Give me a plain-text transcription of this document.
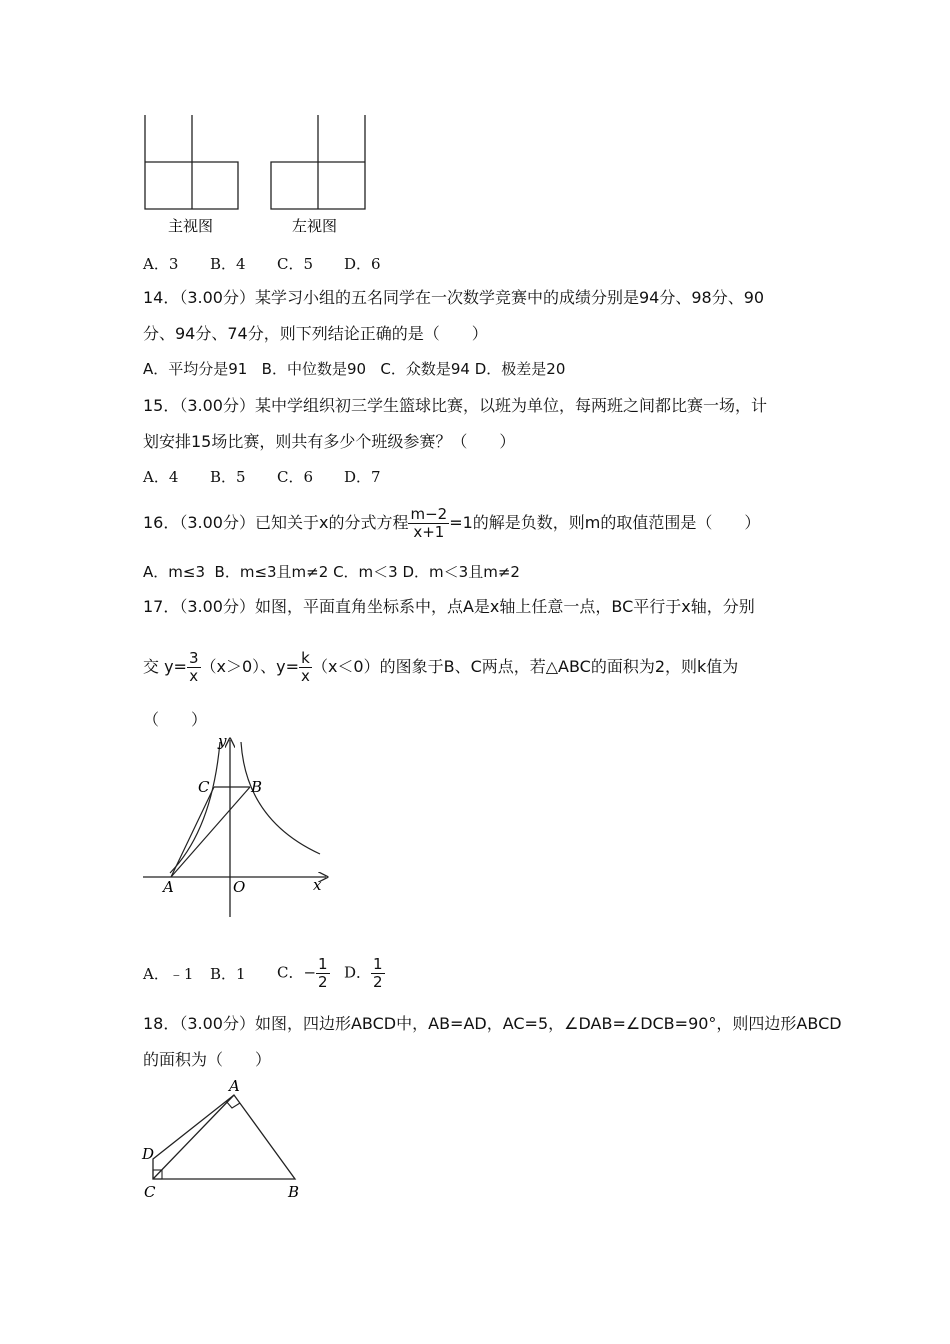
主视图	左视图
A．3 B．4 C．5 D．6
14．（3.00分）某学习小组的五名同学在一次数学竞赛中的成绩分别是94分、98分、90
分、94分、74分，则下列结论正确的是（　　）
A．平均分是91 B．中位数是90 C．众数是94 D．极差是20
15．（3.00分）某中学组织初三学生篮球比赛，以班为单位，每两班之间都比赛一场，计
划安排15场比赛，则共有多少个班级参赛？（　　）
A．4 B．5 C．6 D．7
16．（3.00分）已知关于x的分式方程 $\frac{m-2}{x+1} =1$的解是负数，则m的取值范围是（　　）
A．m≤3 B．m≤3且m≠2 C．m＜3 D．m＜3且m≠2
17．（3.00分）如图，平面直角坐标系中，点A是x轴上任意一点，BC平行于x轴，分别
交 $y= \frac{3}{x} (x>0)$、$y= \frac{k}{x} (x<0)$的图象于B、C两点，若△ABC的面积为2，则k值为
（　　）
y
x
O
A
B
C
A．﹣1 B．1 C．− $\frac{1}{2}$ D． $\frac{1}{2}$
18．（3.00分）如图，四边形ABCD中，AB=AD，AC=5，∠DAB=∠DCB=90°，则四边形ABCD
的面积为（　　）
A
B
C
D
